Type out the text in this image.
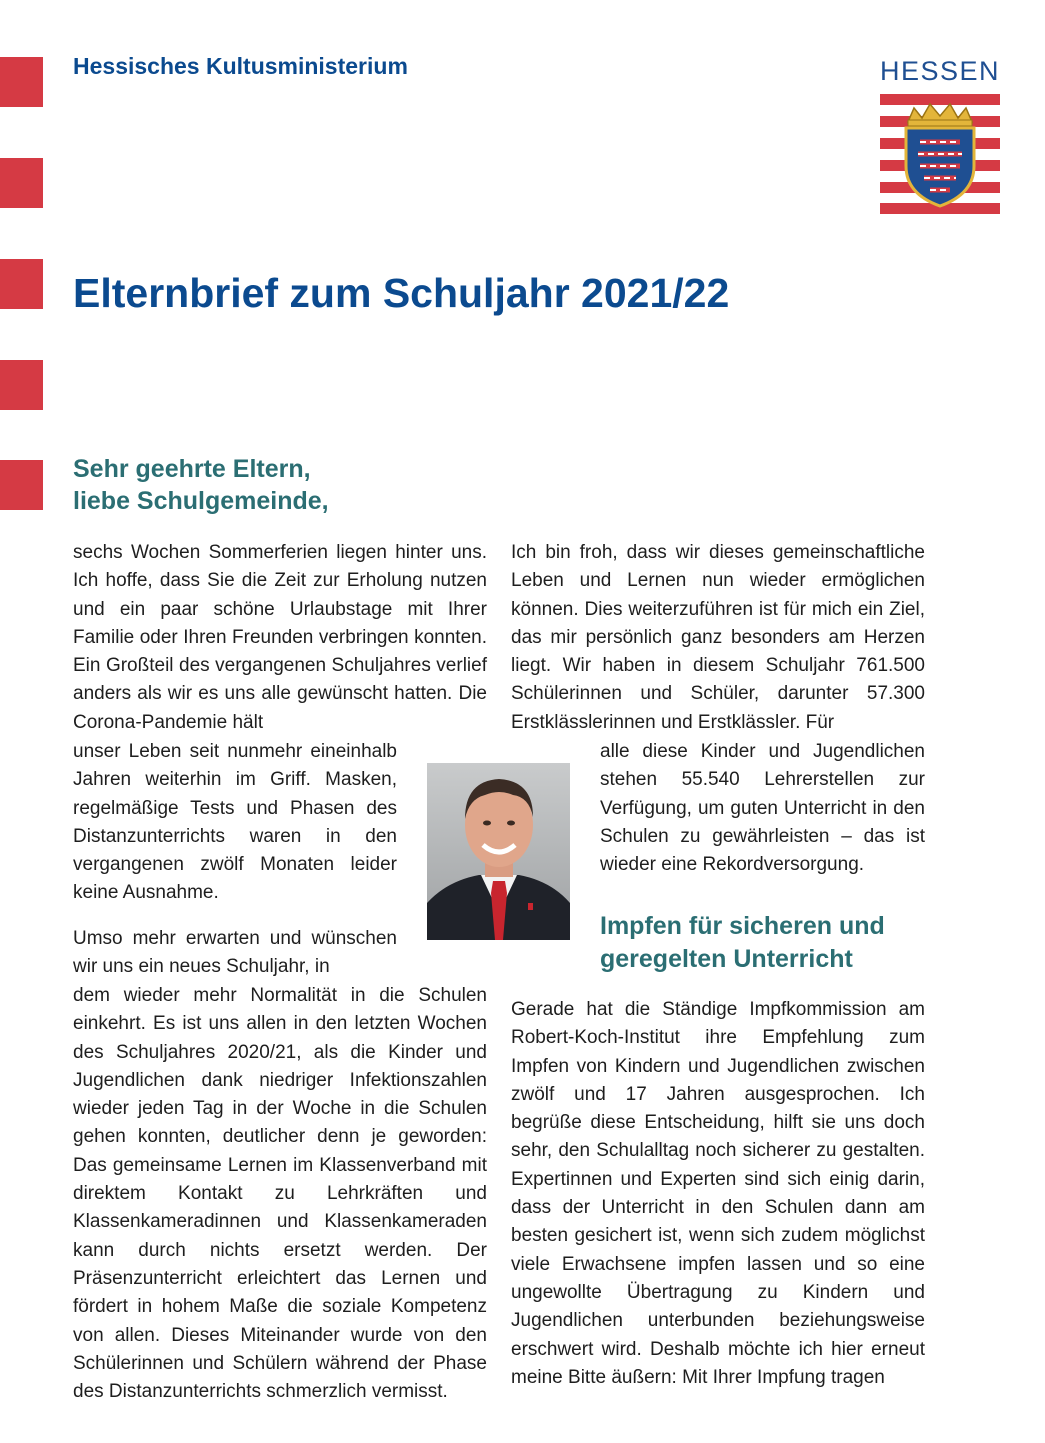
Hessisches Kultusministerium	HESSEN
Elternbrief zum Schuljahr 2021/22
Sehr geehrte Eltern,
liebe Schulgemeinde,

sechs Wochen Sommerferien liegen hinter uns. Ich hoffe, dass Sie die Zeit zur Erholung nutzen und ein paar schöne Urlaubstage mit Ihrer Familie oder Ihren Freunden verbringen konnten. Ein Großteil des vergangenen Schuljahres verlief anders als wir es uns alle gewünscht hatten. Die Corona-Pandemie hält

unser Leben seit nunmehr eineinhalb Jahren weiterhin im Griff. Masken, regelmäßige Tests und Phasen des Distanzunterrichts waren in den vergangenen zwölf Monaten leider keine Ausnahme.

Umso mehr erwarten und wünschen wir uns ein neues Schuljahr, in

dem wieder mehr Normalität in die Schulen einkehrt. Es ist uns allen in den letzten Wochen des Schuljahres 2020/21, als die Kinder und Jugendlichen dank niedriger Infektionszahlen wieder jeden Tag in der Woche in die Schulen gehen konnten, deutlicher denn je geworden: Das gemeinsame Lernen im Klassenverband mit direktem Kontakt zu Lehrkräften und Klassenkameradinnen und Klassenkameraden kann durch nichts ersetzt werden. Der Präsenzunterricht erleichtert das Lernen und fördert in hohem Maße die soziale Kompetenz von allen. Dieses Miteinander wurde von den Schülerinnen und Schülern während der Phase des Distanzunterrichts schmerzlich vermisst.

Ich bin froh, dass wir dieses gemeinschaftliche Leben und Lernen nun wieder ermöglichen können. Dies weiterzuführen ist für mich ein Ziel, das mir persönlich ganz besonders am Herzen liegt. Wir haben in diesem Schuljahr 761.500 Schülerinnen und Schüler, darunter 57.300 Erstklässlerinnen und Erstklässler. Für

alle diese Kinder und Jugendlichen stehen 55.540 Lehrerstellen zur Verfügung, um guten Unterricht in den Schulen zu gewährleisten – das ist wieder eine Rekordversorgung.

Impfen für sicheren und
geregelten Unterricht

Gerade hat die Ständige Impfkommission am Robert-Koch-Institut ihre Empfehlung zum Impfen von Kindern und Jugendlichen zwischen zwölf und 17 Jahren ausgesprochen. Ich begrüße diese Entscheidung, hilft sie uns doch sehr, den Schulalltag noch sicherer zu gestalten. Expertinnen und Experten sind sich einig darin, dass der Unterricht in den Schulen dann am besten gesichert ist, wenn sich zudem möglichst viele Erwachsene impfen lassen und so eine ungewollte Übertragung zu Kindern und Jugendlichen unterbunden beziehungsweise erschwert wird. Deshalb möchte ich hier erneut meine Bitte äußern: Mit Ihrer Impfung tragen
